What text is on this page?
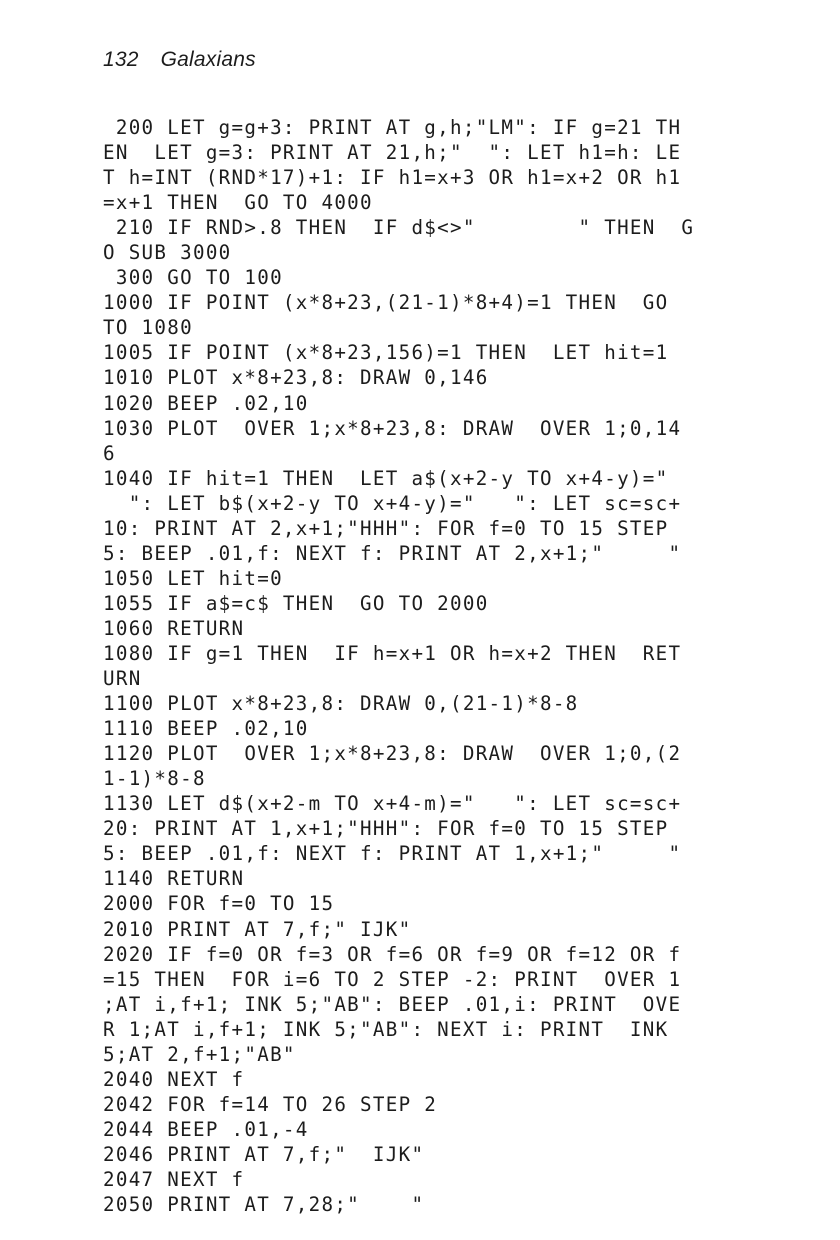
132 Galaxians
200 LET g=g+3: PRINT AT g,h;"LM": IF g=21 TH
EN  LET g=3: PRINT AT 21,h;"  ": LET h1=h: LE
T h=INT (RND*17)+1: IF h1=x+3 OR h1=x+2 OR h1
=x+1 THEN  GO TO 4000
210 IF RND>.8 THEN  IF d$<>"        " THEN  G
O SUB 3000
300 GO TO 100
1000 IF POINT (x*8+23,(21-1)*8+4)=1 THEN  GO
TO 1080
1005 IF POINT (x*8+23,156)=1 THEN  LET hit=1
1010 PLOT x*8+23,8: DRAW 0,146
1020 BEEP .02,10
1030 PLOT  OVER 1;x*8+23,8: DRAW  OVER 1;0,14
6
1040 IF hit=1 THEN  LET a$(x+2-y TO x+4-y)="
": LET b$(x+2-y TO x+4-y)="   ": LET sc=sc+
10: PRINT AT 2,x+1;"HHH": FOR f=0 TO 15 STEP
5: BEEP .01,f: NEXT f: PRINT AT 2,x+1;"     "
1050 LET hit=0
1055 IF a$=c$ THEN  GO TO 2000
1060 RETURN
1080 IF g=1 THEN  IF h=x+1 OR h=x+2 THEN  RET
URN
1100 PLOT x*8+23,8: DRAW 0,(21-1)*8-8
1110 BEEP .02,10
1120 PLOT  OVER 1;x*8+23,8: DRAW  OVER 1;0,(2
1-1)*8-8
1130 LET d$(x+2-m TO x+4-m)="   ": LET sc=sc+
20: PRINT AT 1,x+1;"HHH": FOR f=0 TO 15 STEP
5: BEEP .01,f: NEXT f: PRINT AT 1,x+1;"     "
1140 RETURN
2000 FOR f=0 TO 15
2010 PRINT AT 7,f;" IJK"
2020 IF f=0 OR f=3 OR f=6 OR f=9 OR f=12 OR f
=15 THEN  FOR i=6 TO 2 STEP -2: PRINT  OVER 1
;AT i,f+1; INK 5;"AB": BEEP .01,i: PRINT  OVE
R 1;AT i,f+1; INK 5;"AB": NEXT i: PRINT  INK
5;AT 2,f+1;"AB"
2040 NEXT f
2042 FOR f=14 TO 26 STEP 2
2044 BEEP .01,-4
2046 PRINT AT 7,f;"  IJK"
2047 NEXT f
2050 PRINT AT 7,28;"    "
